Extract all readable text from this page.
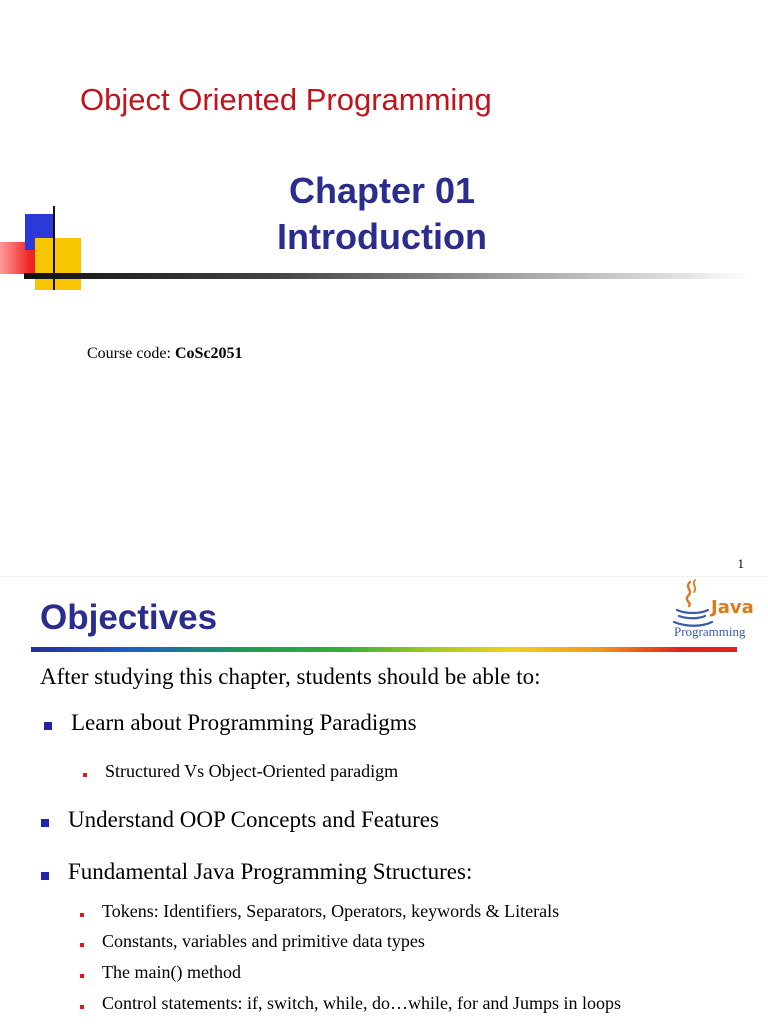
Object Oriented Programming
Chapter 01
Introduction
Course code: CoSc2051
1
Objectives	Java
Programming
After studying this chapter, students should be able to:
Learn about Programming Paradigms
Structured Vs Object-Oriented paradigm
Understand OOP Concepts and Features
Fundamental Java Programming Structures:
Tokens: Identifiers, Separators, Operators, keywords & Literals
Constants, variables and primitive data types
The main() method
Control statements: if, switch, while, do…while, for and Jumps in loops
